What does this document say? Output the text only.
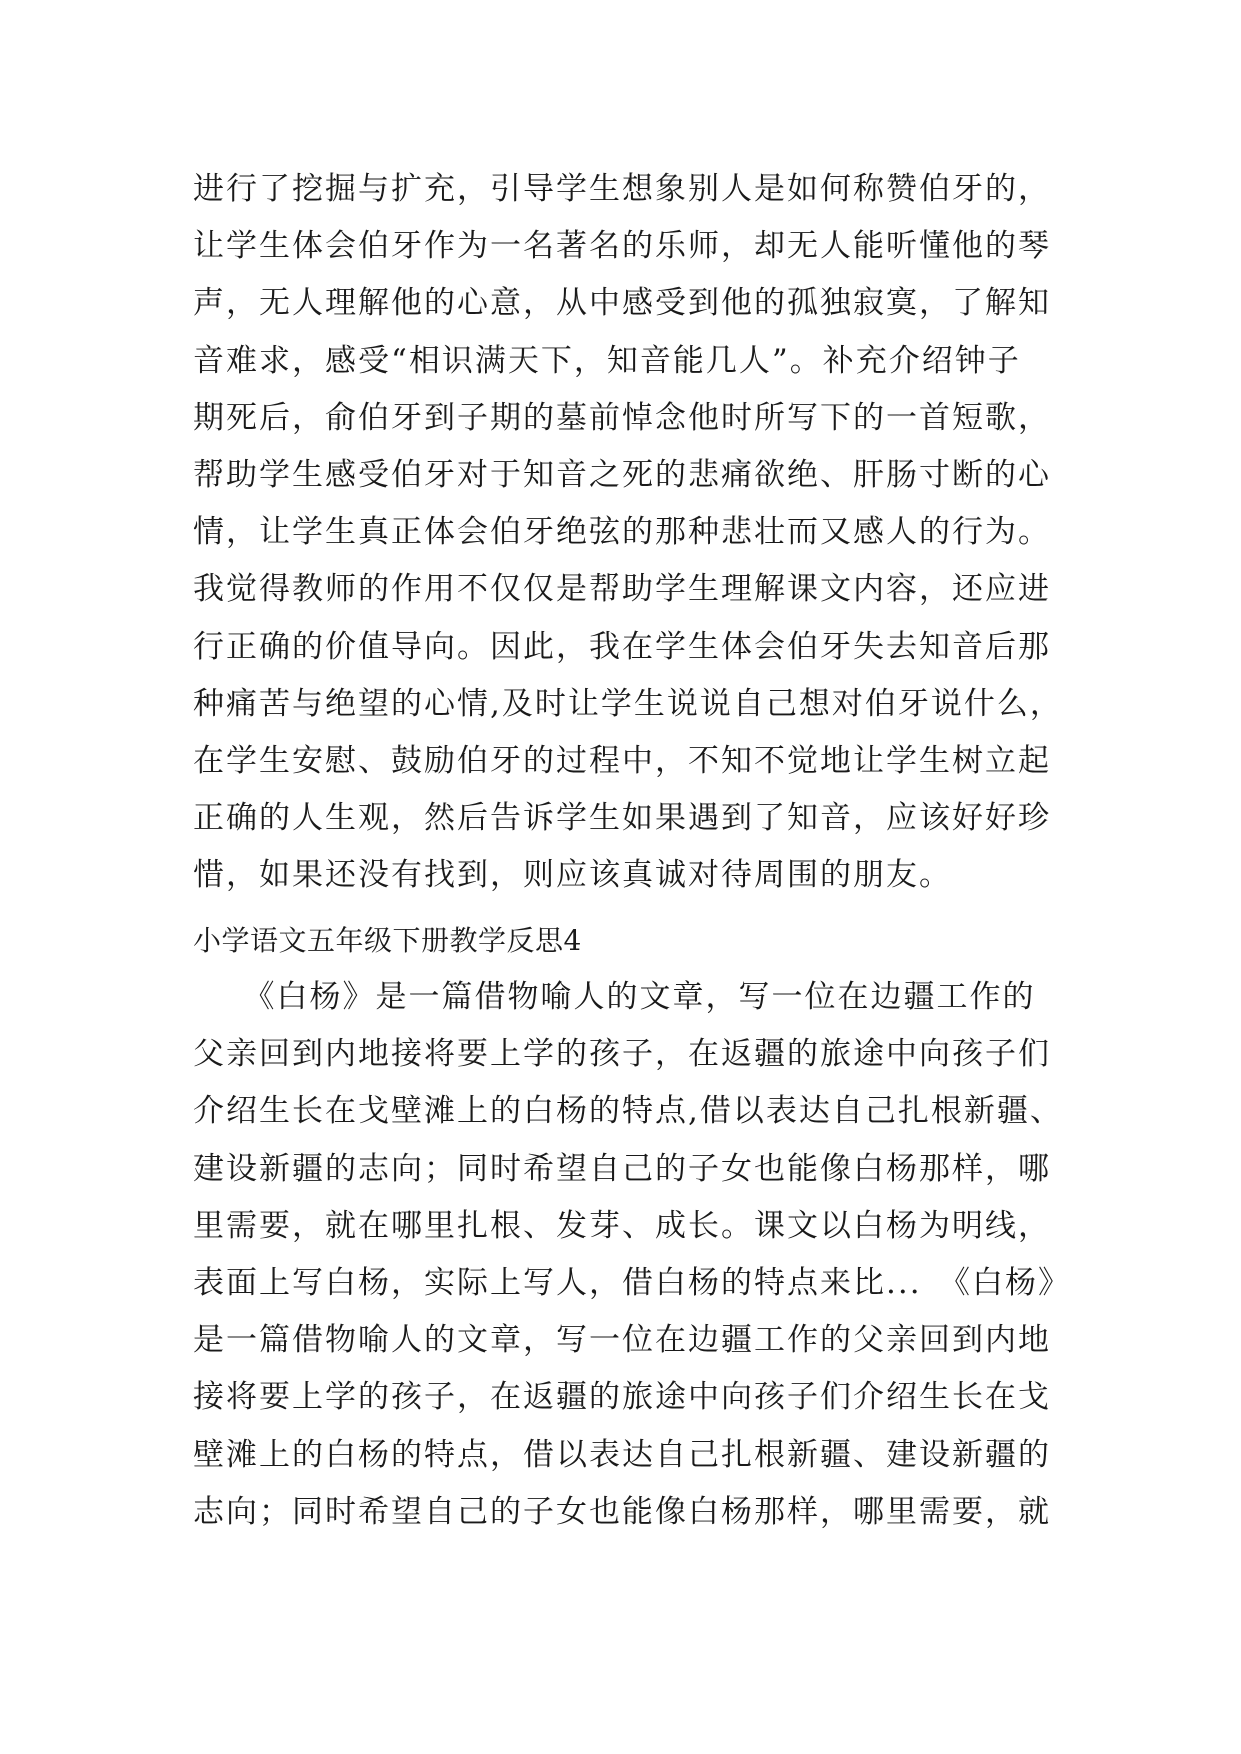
进行了挖掘与扩充，引导学生想象别人是如何称赞伯牙的，
让学生体会伯牙作为一名著名的乐师，却无人能听懂他的琴
声，无人理解他的心意，从中感受到他的孤独寂寞，了解知
音难求，感受“相识满天下，知音能几人”。补充介绍钟子
期死后，俞伯牙到子期的墓前悼念他时所写下的一首短歌，
帮助学生感受伯牙对于知音之死的悲痛欲绝、肝肠寸断的心
情，让学生真正体会伯牙绝弦的那种悲壮而又感人的行为。
我觉得教师的作用不仅仅是帮助学生理解课文内容，还应进
行正确的价值导向。因此，我在学生体会伯牙失去知音后那
种痛苦与绝望的心情,及时让学生说说自己想对伯牙说什么，
在学生安慰、鼓励伯牙的过程中，不知不觉地让学生树立起
正确的人生观，然后告诉学生如果遇到了知音，应该好好珍
惜，如果还没有找到，则应该真诚对待周围的朋友。
小学语文五年级下册教学反思4
　　《白杨》是一篇借物喻人的文章，写一位在边疆工作的
父亲回到内地接将要上学的孩子，在返疆的旅途中向孩子们
介绍生长在戈壁滩上的白杨的特点,借以表达自己扎根新疆、
建设新疆的志向；同时希望自己的子女也能像白杨那样，哪
里需要，就在哪里扎根、发芽、成长。课文以白杨为明线，
表面上写白杨，实际上写人，借白杨的特点来比...　《白杨》
是一篇借物喻人的文章，写一位在边疆工作的父亲回到内地
接将要上学的孩子，在返疆的旅途中向孩子们介绍生长在戈
壁滩上的白杨的特点，借以表达自己扎根新疆、建设新疆的
志向；同时希望自己的子女也能像白杨那样，哪里需要，就
